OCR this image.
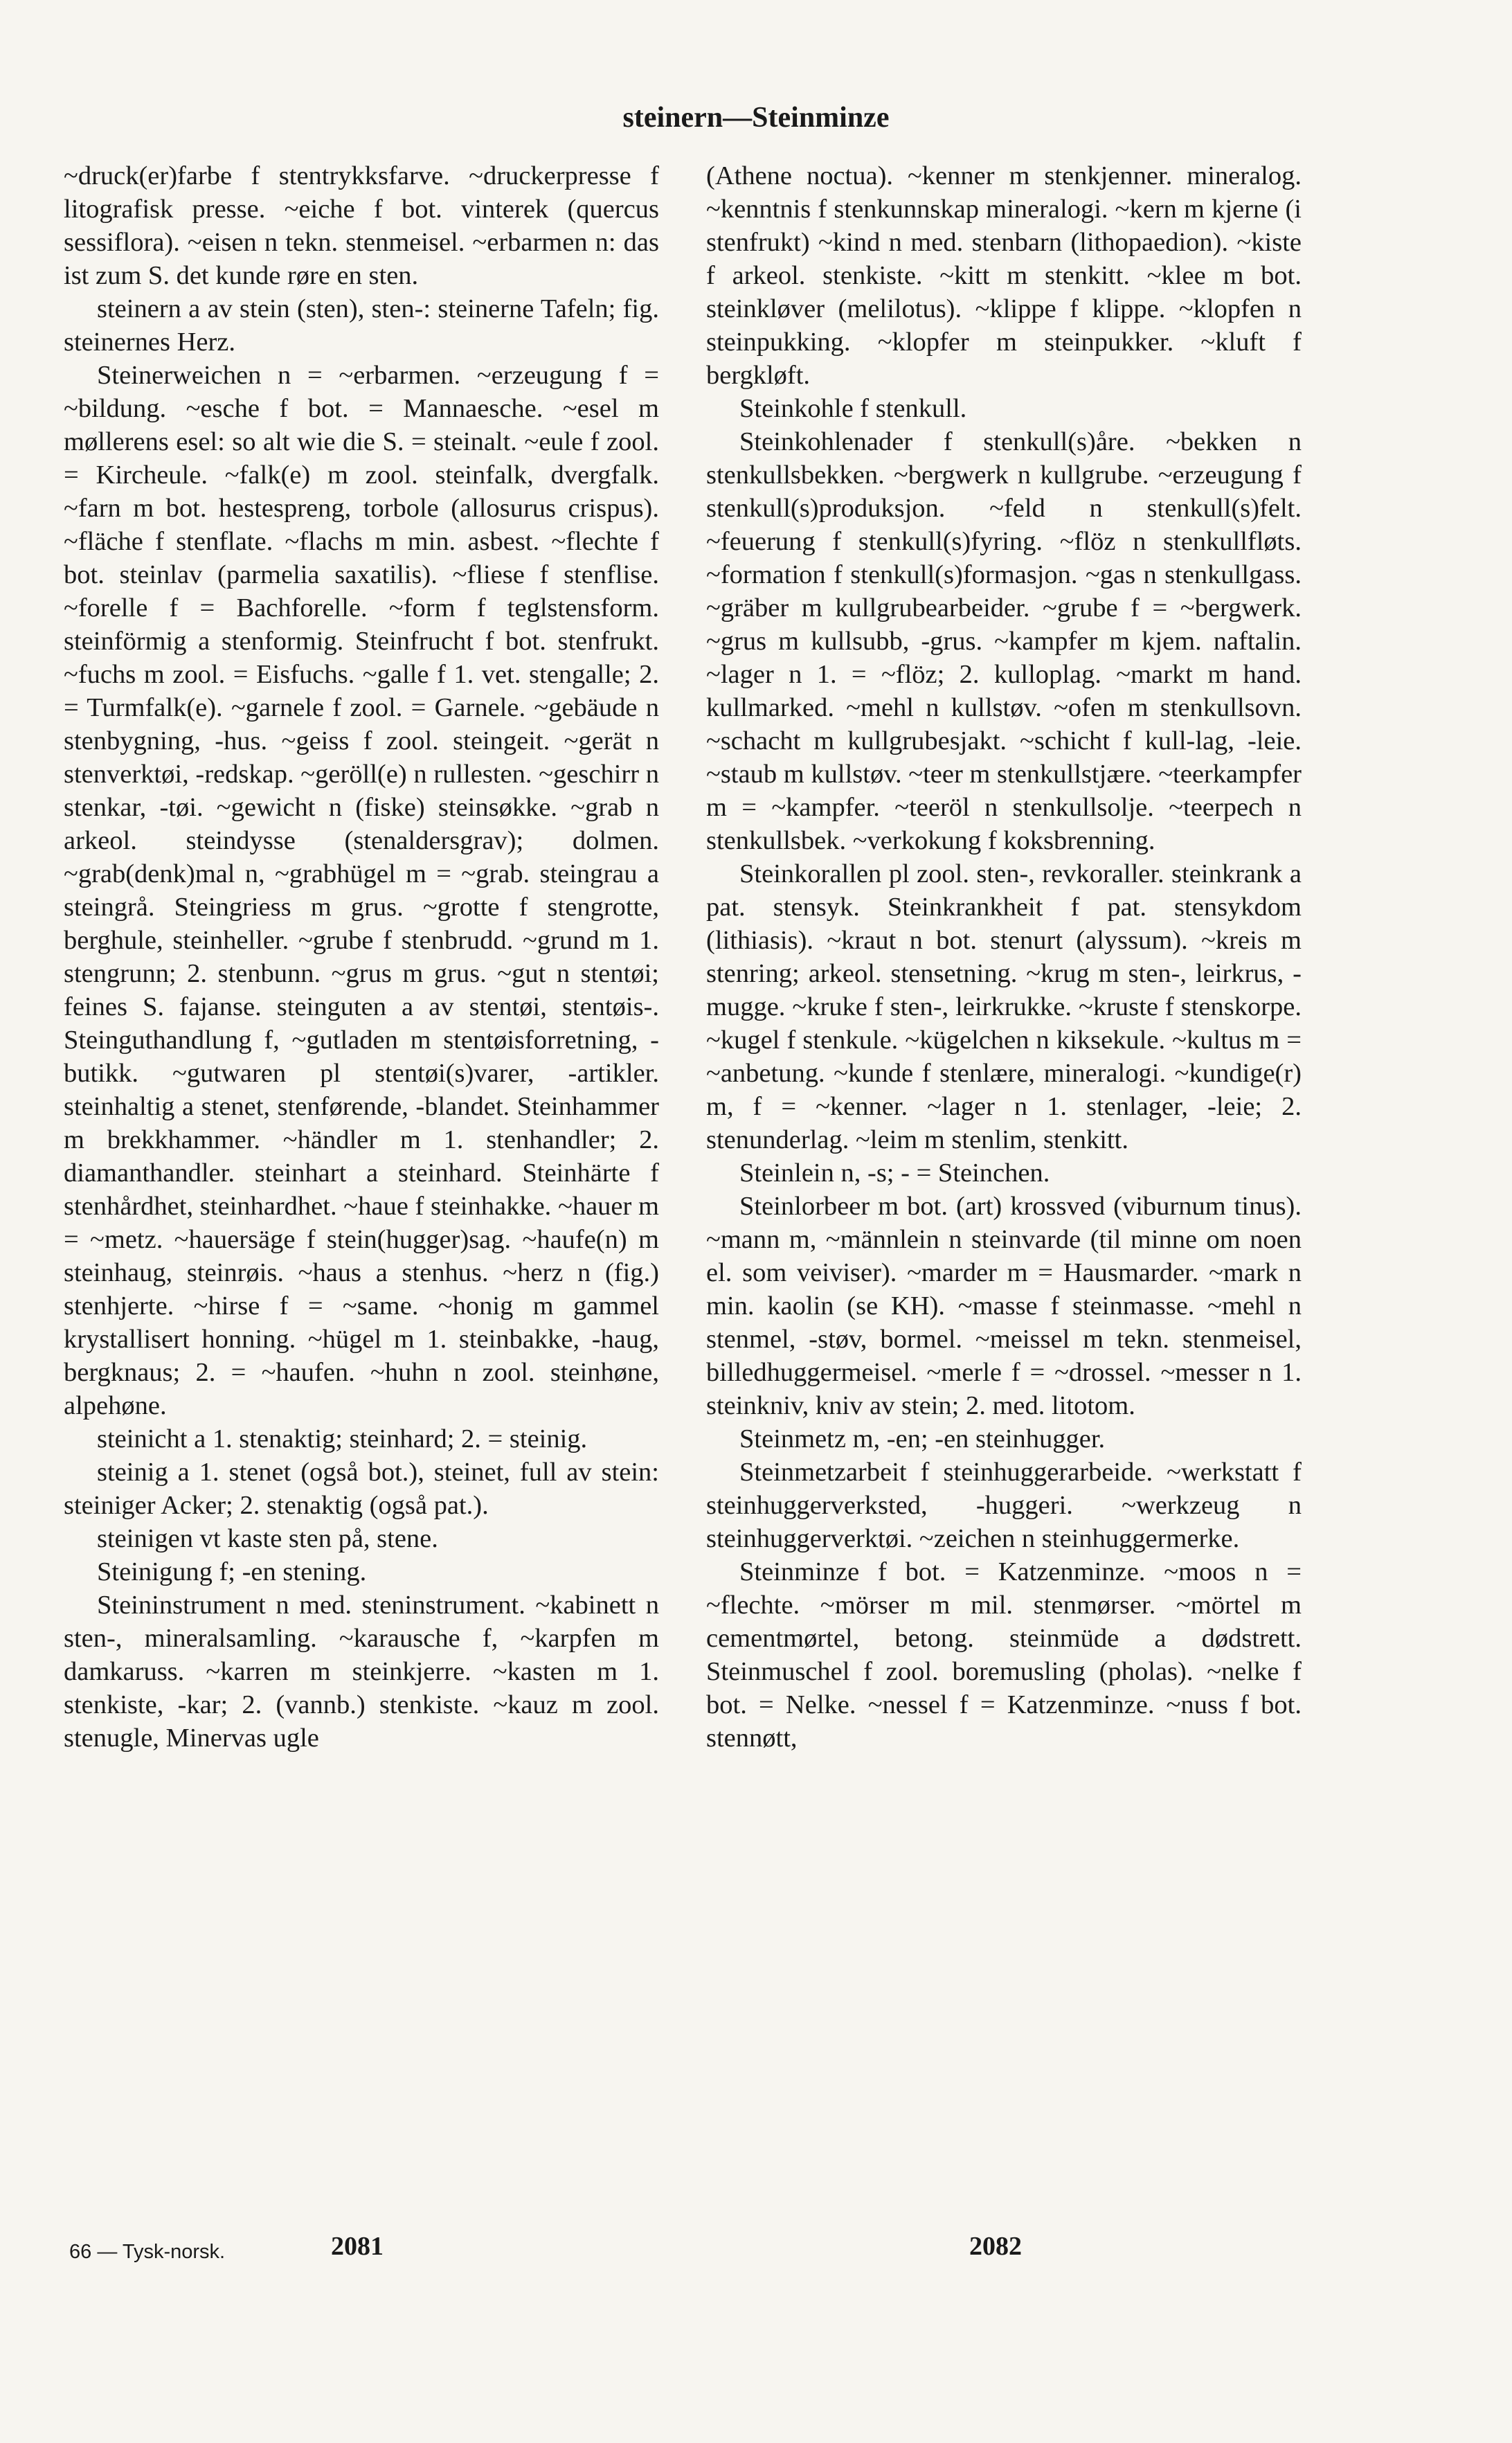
steinern—Steinminze

~druck(er)farbe f stentrykksfarve. ~druckerpresse f litografisk presse. ~eiche f bot. vinterek (quercus sessiflora). ~eisen n tekn. stenmeisel. ~erbarmen n: das ist zum S. det kunde røre en sten.

steinern a av stein (sten), sten-: steinerne Tafeln; fig. steinernes Herz.

Steinerweichen n = ~erbarmen. ~erzeugung f = ~bildung. ~esche f bot. = Mannaesche. ~esel m møllerens esel: so alt wie die S. = steinalt. ~eule f zool. = Kircheule. ~falk(e) m zool. steinfalk, dvergfalk. ~farn m bot. hestespreng, torbole (allosurus crispus). ~fläche f stenflate. ~flachs m min. asbest. ~flechte f bot. steinlav (parmelia saxatilis). ~fliese f stenflise. ~forelle f = Bachforelle. ~form f teglstensform. steinförmig a stenformig. Steinfrucht f bot. stenfrukt. ~fuchs m zool. = Eisfuchs. ~galle f 1. vet. stengalle; 2. = Turmfalk(e). ~garnele f zool. = Garnele. ~gebäude n stenbygning, -hus. ~geiss f zool. steingeit. ~gerät n stenverktøi, -redskap. ~geröll(e) n rullesten. ~geschirr n stenkar, -tøi. ~gewicht n (fiske) steinsøkke. ~grab n arkeol. steindysse (stenaldersgrav); dolmen. ~grab(denk)mal n, ~grabhügel m = ~grab. steingrau a steingrå. Steingriess m grus. ~grotte f stengrotte, berghule, steinheller. ~grube f stenbrudd. ~grund m 1. stengrunn; 2. stenbunn. ~grus m grus. ~gut n stentøi; feines S. fajanse. steinguten a av stentøi, stentøis-. Steinguthandlung f, ~gutladen m stentøisforretning, -butikk. ~gutwaren pl stentøi(s)varer, -artikler. steinhaltig a stenet, stenførende, -blandet. Steinhammer m brekkhammer. ~händler m 1. stenhandler; 2. diamanthandler. steinhart a steinhard. Steinhärte f stenhårdhet, steinhardhet. ~haue f steinhakke. ~hauer m = ~metz. ~hauersäge f stein(hugger)sag. ~haufe(n) m steinhaug, steinrøis. ~haus a stenhus. ~herz n (fig.) stenhjerte. ~hirse f = ~same. ~honig m gammel krystallisert honning. ~hügel m 1. steinbakke, -haug, bergknaus; 2. = ~haufen. ~huhn n zool. steinhøne, alpehøne.

steinicht a 1. stenaktig; steinhard; 2. = steinig.

steinig a 1. stenet (også bot.), steinet, full av stein: steiniger Acker; 2. stenaktig (også pat.).

steinigen vt kaste sten på, stene.

Steinigung f; -en stening.

Steininstrument n med. steninstrument. ~kabinett n sten-, mineralsamling. ~karausche f, ~karpfen m damkaruss. ~karren m steinkjerre. ~kasten m 1. stenkiste, -kar; 2. (vannb.) stenkiste. ~kauz m zool. stenugle, Minervas ugle

(Athene noctua). ~kenner m stenkjenner. mineralog. ~kenntnis f stenkunnskap mineralogi. ~kern m kjerne (i stenfrukt) ~kind n med. stenbarn (lithopaedion). ~kiste f arkeol. stenkiste. ~kitt m stenkitt. ~klee m bot. steinkløver (melilotus). ~klippe f klippe. ~klopfen n steinpukking. ~klopfer m steinpukker. ~kluft f bergkløft.

Steinkohle f stenkull.

Steinkohlenader f stenkull(s)åre. ~bekken n stenkullsbekken. ~bergwerk n kullgrube. ~erzeugung f stenkull(s)produksjon. ~feld n stenkull(s)felt. ~feuerung f stenkull(s)fyring. ~flöz n stenkullfløts. ~formation f stenkull(s)formasjon. ~gas n stenkullgass. ~gräber m kullgrubearbeider. ~grube f = ~bergwerk. ~grus m kullsubb, -grus. ~kampfer m kjem. naftalin. ~lager n 1. = ~flöz; 2. kulloplag. ~markt m hand. kullmarked. ~mehl n kullstøv. ~ofen m stenkullsovn. ~schacht m kullgrubesjakt. ~schicht f kull-lag, -leie. ~staub m kullstøv. ~teer m stenkullstjære. ~teerkampfer m = ~kampfer. ~teeröl n stenkullsolje. ~teerpech n stenkullsbek. ~verkokung f koksbrenning.

Steinkorallen pl zool. sten-, revkoraller. steinkrank a pat. stensyk. Steinkrankheit f pat. stensykdom (lithiasis). ~kraut n bot. stenurt (alyssum). ~kreis m stenring; arkeol. stensetning. ~krug m sten-, leirkrus, -mugge. ~kruke f sten-, leirkrukke. ~kruste f stenskorpe. ~kugel f stenkule. ~kügelchen n kiksekule. ~kultus m = ~anbetung. ~kunde f stenlære, mineralogi. ~kundige(r) m, f = ~kenner. ~lager n 1. stenlager, -leie; 2. stenunderlag. ~leim m stenlim, stenkitt.

Steinlein n, -s; - = Steinchen.

Steinlorbeer m bot. (art) krossved (viburnum tinus). ~mann m, ~männlein n steinvarde (til minne om noen el. som veiviser). ~marder m = Hausmarder. ~mark n min. kaolin (se KH). ~masse f steinmasse. ~mehl n stenmel, -støv, bormel. ~meissel m tekn. stenmeisel, billedhuggermeisel. ~merle f = ~drossel. ~messer n 1. steinkniv, kniv av stein; 2. med. litotom.

Steinmetz m, -en; -en steinhugger.

Steinmetzarbeit f steinhuggerarbeide. ~werkstatt f steinhuggerverksted, -huggeri. ~werkzeug n steinhuggerverktøi. ~zeichen n steinhuggermerke.

Steinminze f bot. = Katzenminze. ~moos n = ~flechte. ~mörser m mil. stenmørser. ~mörtel m cementmørtel, betong. steinmüde a dødstrett. Steinmuschel f zool. boremusling (pholas). ~nelke f bot. = Nelke. ~nessel f = Katzenminze. ~nuss f bot. stennøtt,

66 — Tysk-norsk.	2081	2082
